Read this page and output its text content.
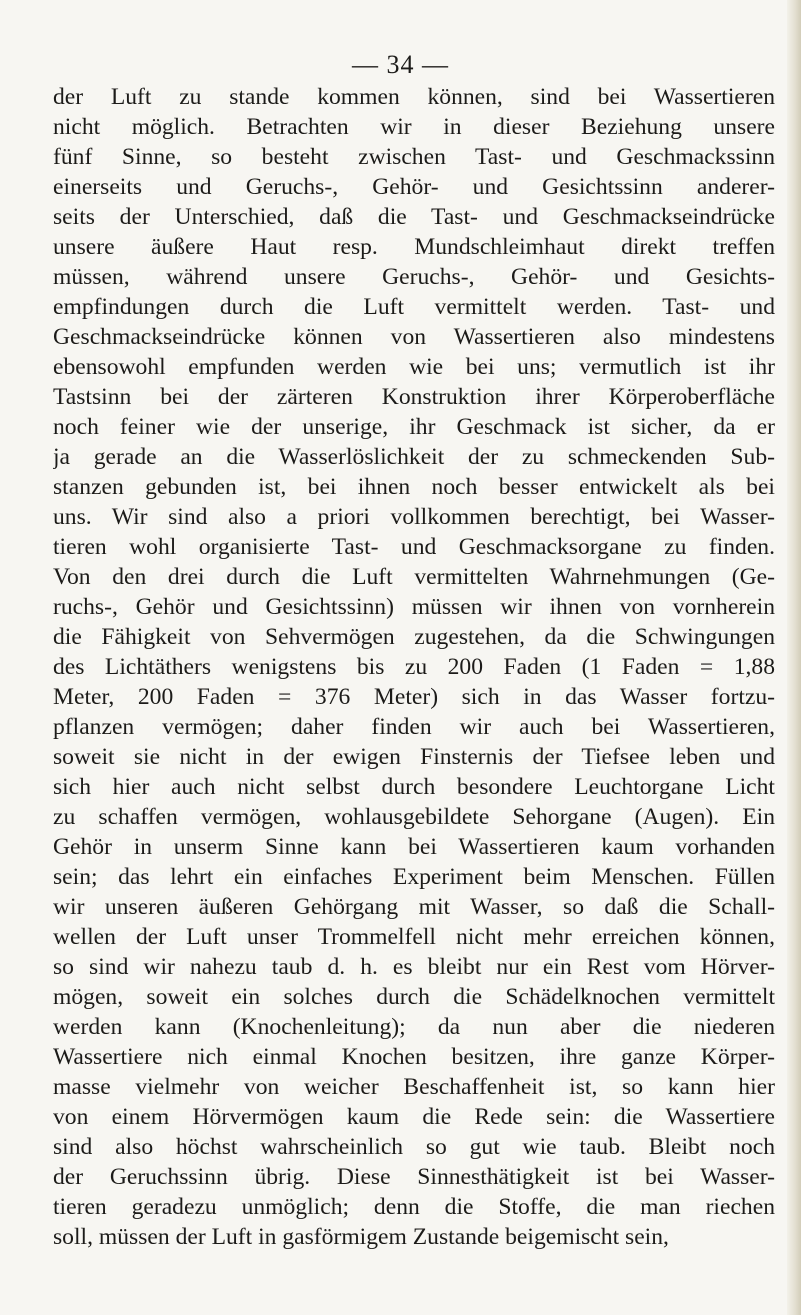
— 34 —
der Luft zu stande kommen können, sind bei Wassertieren
nicht möglich. Betrachten wir in dieser Beziehung unsere
fünf Sinne, so besteht zwischen Tast- und Geschmackssinn
einerseits und Geruchs-, Gehör- und Gesichtssinn anderer-
seits der Unterschied, daß die Tast- und Geschmackseindrücke
unsere äußere Haut resp. Mundschleimhaut direkt treffen
müssen, während unsere Geruchs-, Gehör- und Gesichts-
empfindungen durch die Luft vermittelt werden. Tast- und
Geschmackseindrücke können von Wassertieren also mindestens
ebensowohl empfunden werden wie bei uns; vermutlich ist ihr
Tastsinn bei der zärteren Konstruktion ihrer Körperoberfläche
noch feiner wie der unserige, ihr Geschmack ist sicher, da er
ja gerade an die Wasserlöslichkeit der zu schmeckenden Sub-
stanzen gebunden ist, bei ihnen noch besser entwickelt als bei
uns. Wir sind also a priori vollkommen berechtigt, bei Wasser-
tieren wohl organisierte Tast- und Geschmacksorgane zu finden.
Von den drei durch die Luft vermittelten Wahrnehmungen (Ge-
ruchs-, Gehör und Gesichtssinn) müssen wir ihnen von vornherein
die Fähigkeit von Sehvermögen zugestehen, da die Schwingungen
des Lichtäthers wenigstens bis zu 200 Faden (1 Faden = 1,88
Meter, 200 Faden = 376 Meter) sich in das Wasser fortzu-
pflanzen vermögen; daher finden wir auch bei Wassertieren,
soweit sie nicht in der ewigen Finsternis der Tiefsee leben und
sich hier auch nicht selbst durch besondere Leuchtorgane Licht
zu schaffen vermögen, wohlausgebildete Sehorgane (Augen). Ein
Gehör in unserm Sinne kann bei Wassertieren kaum vorhanden
sein; das lehrt ein einfaches Experiment beim Menschen. Füllen
wir unseren äußeren Gehörgang mit Wasser, so daß die Schall-
wellen der Luft unser Trommelfell nicht mehr erreichen können,
so sind wir nahezu taub d. h. es bleibt nur ein Rest vom Hörver-
mögen, soweit ein solches durch die Schädelknochen vermittelt
werden kann (Knochenleitung); da nun aber die niederen
Wassertiere nich einmal Knochen besitzen, ihre ganze Körper-
masse vielmehr von weicher Beschaffenheit ist, so kann hier
von einem Hörvermögen kaum die Rede sein: die Wassertiere
sind also höchst wahrscheinlich so gut wie taub. Bleibt noch
der Geruchssinn übrig. Diese Sinnesthätigkeit ist bei Wasser-
tieren geradezu unmöglich; denn die Stoffe, die man riechen
soll, müssen der Luft in gasförmigem Zustande beigemischt sein,
